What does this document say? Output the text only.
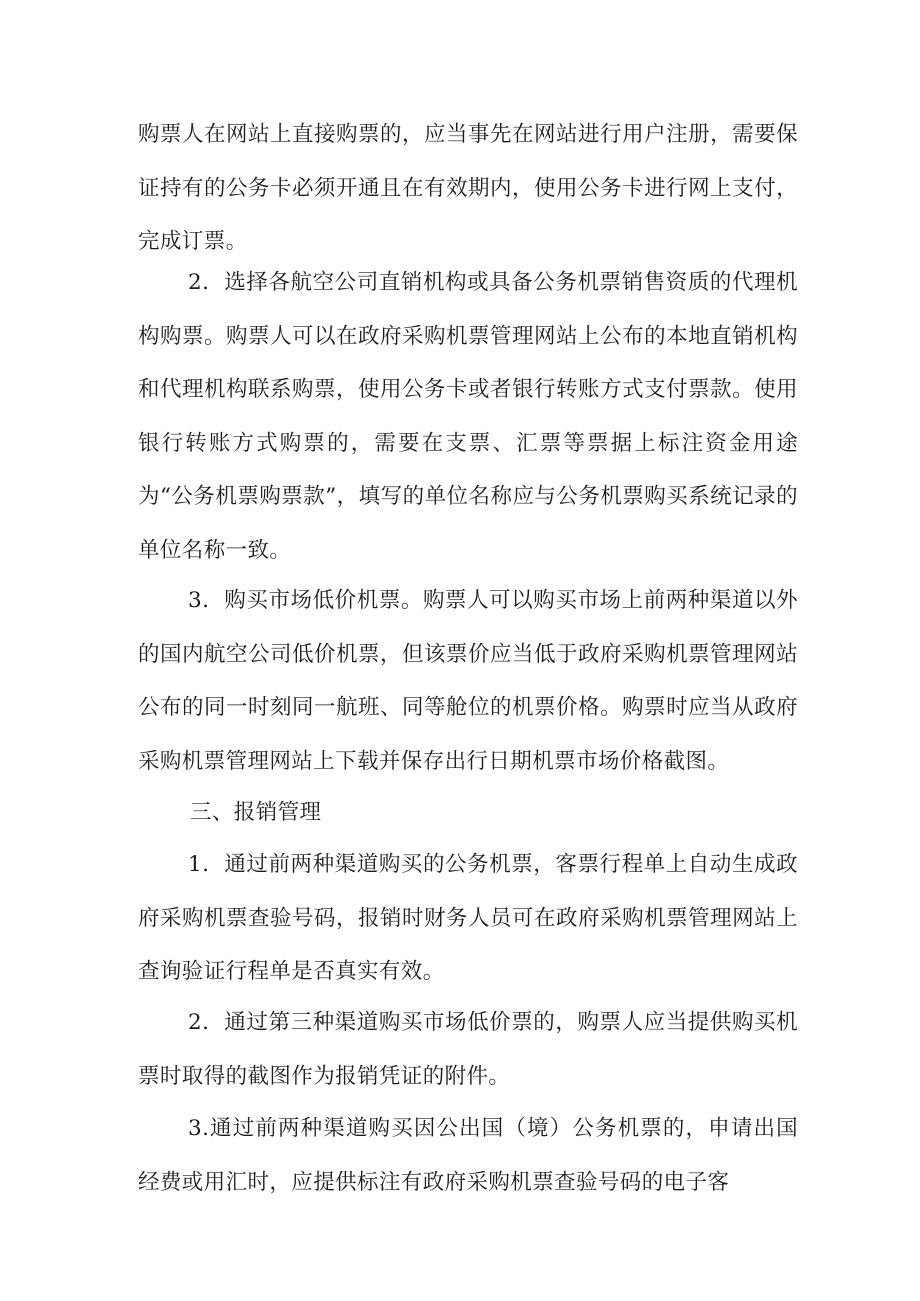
购票人在网站上直接购票的，应当事先在网站进行用户注册，需要保证持有的公务卡必须开通且在有效期内，使用公务卡进行网上支付，完成订票。

2．选择各航空公司直销机构或具备公务机票销售资质的代理机构购票。购票人可以在政府采购机票管理网站上公布的本地直销机构和代理机构联系购票，使用公务卡或者银行转账方式支付票款。使用银行转账方式购票的，需要在支票、汇票等票据上标注资金用途为“公务机票购票款”，填写的单位名称应与公务机票购买系统记录的单位名称一致。

3．购买市场低价机票。购票人可以购买市场上前两种渠道以外的国内航空公司低价机票，但该票价应当低于政府采购机票管理网站公布的同一时刻同一航班、同等舱位的机票价格。购票时应当从政府采购机票管理网站上下载并保存出行日期机票市场价格截图。

三、报销管理

1．通过前两种渠道购买的公务机票，客票行程单上自动生成政府采购机票查验号码，报销时财务人员可在政府采购机票管理网站上查询验证行程单是否真实有效。

2．通过第三种渠道购买市场低价票的，购票人应当提供购买机票时取得的截图作为报销凭证的附件。

3.通过前两种渠道购买因公出国（境）公务机票的，申请出国经费或用汇时，应提供标注有政府采购机票查验号码的电子客
